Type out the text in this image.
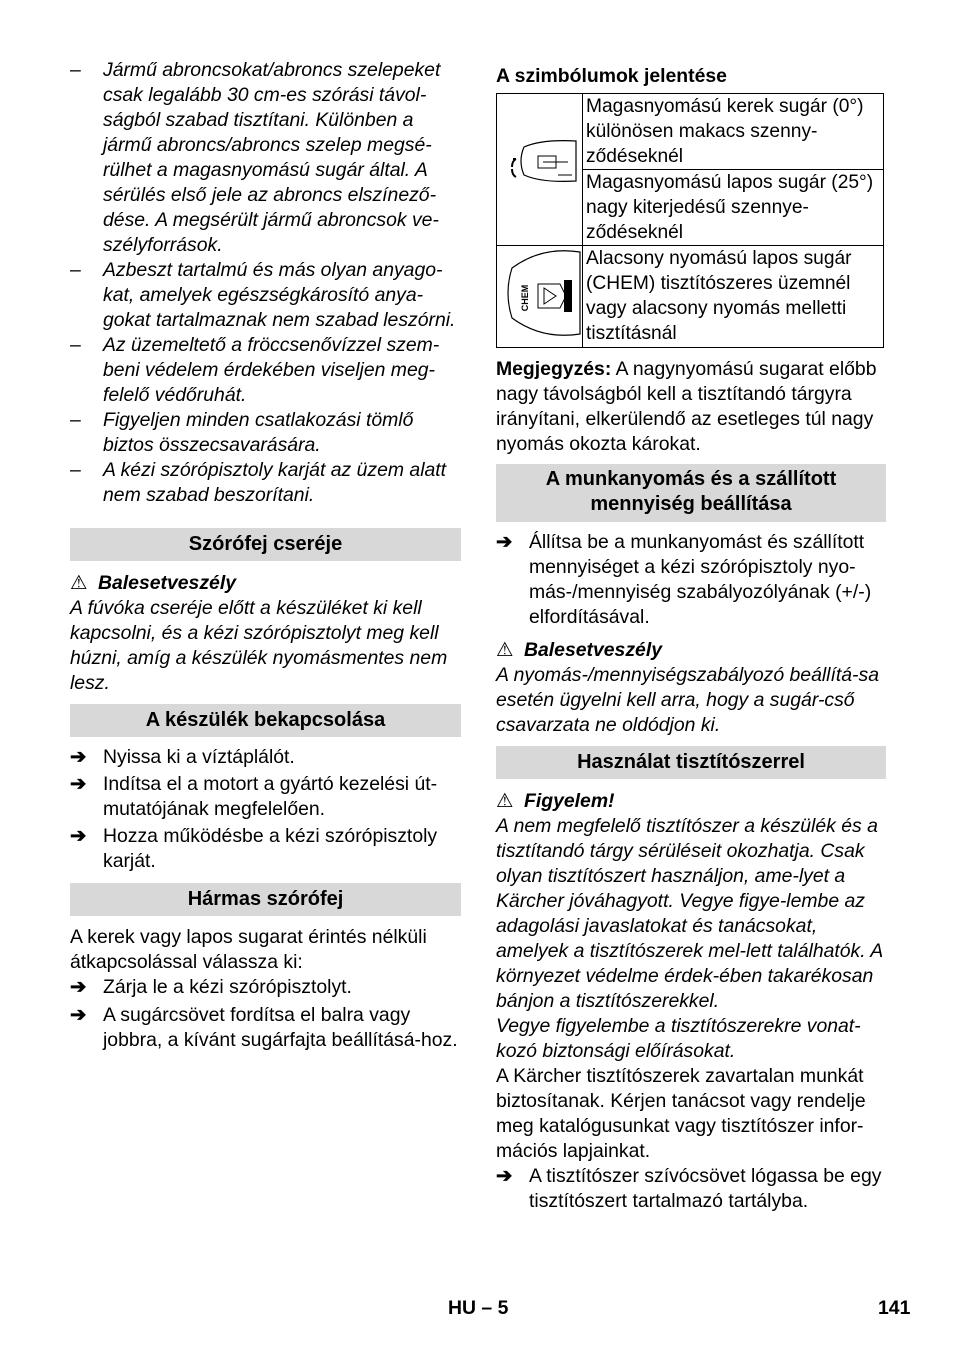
– Jármű abroncsokat/abroncs szelepeket csak legalább 30 cm-es szórási távol-ságból szabad tisztítani. Különben a jármű abroncs/abroncs szelep megsé-rülhet a magasnyomású sugár által. A sérülés első jele az abroncs elszínező-dése. A megsérült jármű abroncsok ve-szélyforrások.
– Azbeszt tartalmú és más olyan anyago-kat, amelyek egészségkárosító anya-gokat tartalmaznak nem szabad leszórni.
– Az üzemeltető a fröccsenővízzel szem-beni védelem érdekében viseljen meg-felelő védőruhát.
– Figyeljen minden csatlakozási tömlő biztos összecsavarására.
– A kézi szórópisztoly karját az üzem alatt nem szabad beszorítani.
Szórófej cseréje
⚠ Balesetveszély
A fúvóka cseréje előtt a készüléket ki kell kapcsolni, és a kézi szórópisztolyt meg kell húzni, amíg a készülék nyomásmentes nem lesz.
A készülék bekapcsolása
➔ Nyissa ki a víztáplálót.
➔ Indítsa el a motort a gyártó kezelési út-mutatójának megfelelően.
➔ Hozza működésbe a kézi szórópisztoly karját.
Hármas szórófej
A kerek vagy lapos sugarat érintés nélküli átkapcsolással válassza ki:
➔ Zárja le a kézi szórópisztolyt.
➔ A sugárcsövet fordítsa el balra vagy jobbra, a kívánt sugárfajta beállításá-hoz.
A szimbólumok jelentése
	Magasnyomású kerek sugár (0°) különösen makacs szenny-ződéseknél
	Magasnyomású lapos sugár (25°) nagy kiterjedésű szennye-ződéseknél

CHEM	Alacsony nyomású lapos sugár (CHEM) tisztítószeres üzemnél vagy alacsony nyomás melletti tisztításnál
Megjegyzés: A nagynyomású sugarat előbb nagy távolságból kell a tisztítandó tárgyra irányítani, elkerülendő az esetleges túl nagy nyomás okozta károkat.
A munkanyomás és a szállított mennyiség beállítása
➔ Állítsa be a munkanyomást és szállított mennyiséget a kézi szórópisztoly nyo-más-/mennyiség szabályozólyának (+/-) elfordításával.
⚠ Balesetveszély
A nyomás-/mennyiségszabályozó beállítá-sa esetén ügyelni kell arra, hogy a sugár-cső csavarzata ne oldódjon ki.
Használat tisztítószerrel
⚠ Figyelem!
A nem megfelelő tisztítószer a készülék és a tisztítandó tárgy sérüléseit okozhatja. Csak olyan tisztítószert használjon, ame-lyet a Kärcher jóváhagyott. Vegye figye-lembe az adagolási javaslatokat és tanácsokat, amelyek a tisztítószerek mel-lett találhatók. A környezet védelme érdek-ében takarékosan bánjon a tisztítószerekkel.
Vegye figyelembe a tisztítószerekre vonat-kozó biztonsági előírásokat.
A Kärcher tisztítószerek zavartalan munkát biztosítanak. Kérjen tanácsot vagy rendelje meg katalógusunkat vagy tisztítószer infor-mációs lapjainkat.
➔ A tisztítószer szívócsövet lógassa be egy tisztítószert tartalmazó tartályba.
HU – 5	141
